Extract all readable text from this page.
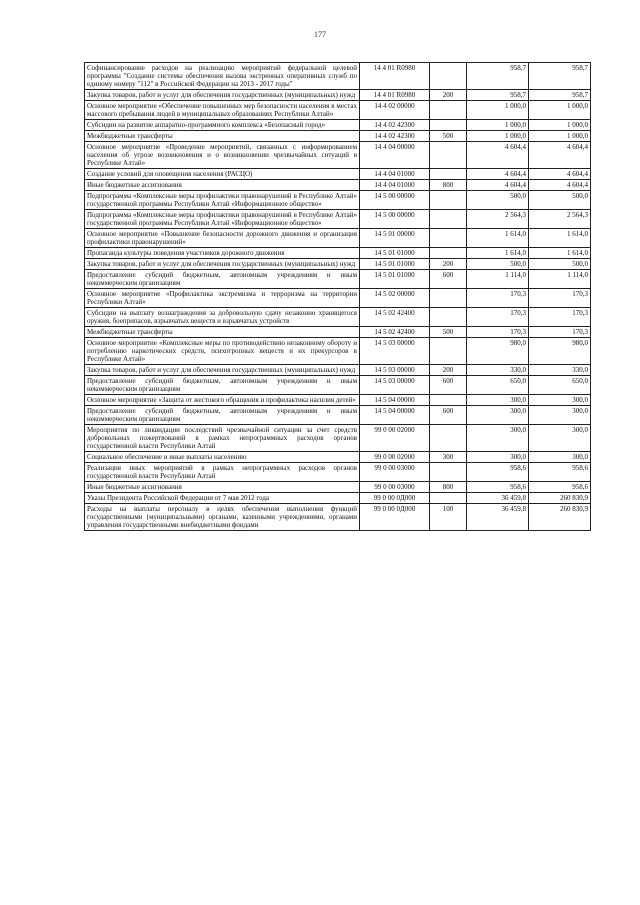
177
Софинансирование расходов на реализацию мероприятий федеральной целевой программы "Создание системы обеспечения вызова экстренных оперативных служб по единому номеру "112" в Российской Федерации на 2013 - 2017 годы"	14 4 01 R0980		958,7	958,7
Закупка товаров, работ и услуг для обеспечения государственных (муниципальных) нужд	14 4 01 R0980	200	958,7	958,7
Основное мероприятие «Обеспечение повышенных мер безопасности населения в местах массового пребывания людей в муниципальных образованиях Республики Алтай»	14 4 02 00000		1 000,0	1 000,0
Субсидии на развитие аппаратно-программного комплекса «Безопасный город»	14 4 02 42300		1 000,0	1 000,0
Межбюджетные трансферты	14 4 02 42300	500	1 000,0	1 000,0
Основное мероприятие «Проведение мероприятий, связанных с информированием населения об угрозе возникновения и о возникновении чрезвычайных ситуаций в Республике Алтай»	14 4 04 00000		4 604,4	4 604,4
Создание условий для оповещения населения (РАСЦО)	14 4 04 01000		4 604,4	4 604,4
Иные бюджетные ассигнования	14 4 04 01000	800	4 604,4	4 604,4
Подпрограмма «Комплексные меры профилактики правонарушений в Республике Алтай» государственной программы Республики Алтай «Информационное общество»	14 5 00 00000		500,0	500,0
Подпрограмма «Комплексные меры профилактики правонарушений в Республике Алтай» государственной программы Республики Алтай «Информационное общество»	14 5 00 00000		2 564,3	2 564,3
Основное мероприятие «Повышение безопасности дорожного движения и организация профилактики правонарушений»	14 5 01 00000		1 614,0	1 614,0
Пропаганда культуры поведения участников дорожного движения	14 5 01 01000		1 614,0	1 614,0
Закупка товаров, работ и услуг для обеспечения государственных (муниципальных) нужд	14 5 01 01000	200	500,0	500,0
Предоставление субсидий бюджетным, автономным учреждениям и иным некоммерческим организациям	14 5 01 01000	600	1 114,0	1 114,0
Основное мероприятие «Профилактика экстремизма и терроризма на территории Республики Алтай»	14 5 02 00000		170,3	170,3
Субсидии на выплату вознаграждения за добровольную сдачу незаконно хранящегося оружия, боеприпасов, взрывчатых веществ и взрывчатых устройств	14 5 02 42400		170,3	170,3
Межбюджетные трансферты	14 5 02 42400	500	170,3	170,3
Основное мероприятие «Комплексные меры по противодействию незаконному обороту и потреблению наркотических средств, психотропных веществ и их прекурсоров в Республике Алтай»	14 5 03 00000		980,0	980,0
Закупка товаров, работ и услуг для обеспечения государственных (муниципальных) нужд	14 5 03 00000	200	330,0	330,0
Предоставление субсидий бюджетным, автономным учреждениям и иным некоммерческим организациям	14 5 03 00000	600	650,0	650,0
Основное мероприятие «Защита от жестокого обращения и профилактика насилия детей»	14 5 04 00000		300,0	300,0
Предоставление субсидий бюджетным, автономным учреждениям и иным некоммерческим организациям	14 5 04 00000	600	300,0	300,0
Мероприятия по ликвидации последствий чрезвычайной ситуации за счет средств добровольных пожертвований в рамках непрограммных расходов органов государственной власти Республики Алтай	99 0 00 02000		300,0	300,0
Социальное обеспечение и иные выплаты населению	99 0 00 02000	300	300,0	300,0
Реализация иных мероприятий в рамках непрограммных расходов органов государственной власти Республики Алтай	99 0 00 03000		958,6	958,6
Иные бюджетные ассигнования	99 0 00 03000	800	958,6	958,6
Указы Президента Российской Федерации от 7 мая 2012 года	99 0 00 0Д000		36 459,8	260 830,9
Расходы на выплаты персоналу в целях обеспечения выполнения функций государственными (муниципальными) органами, казенными учреждениями, органами управления государственными внебюджетными фондами	99 0 00 0Д000	100	36 459,8	260 830,9
